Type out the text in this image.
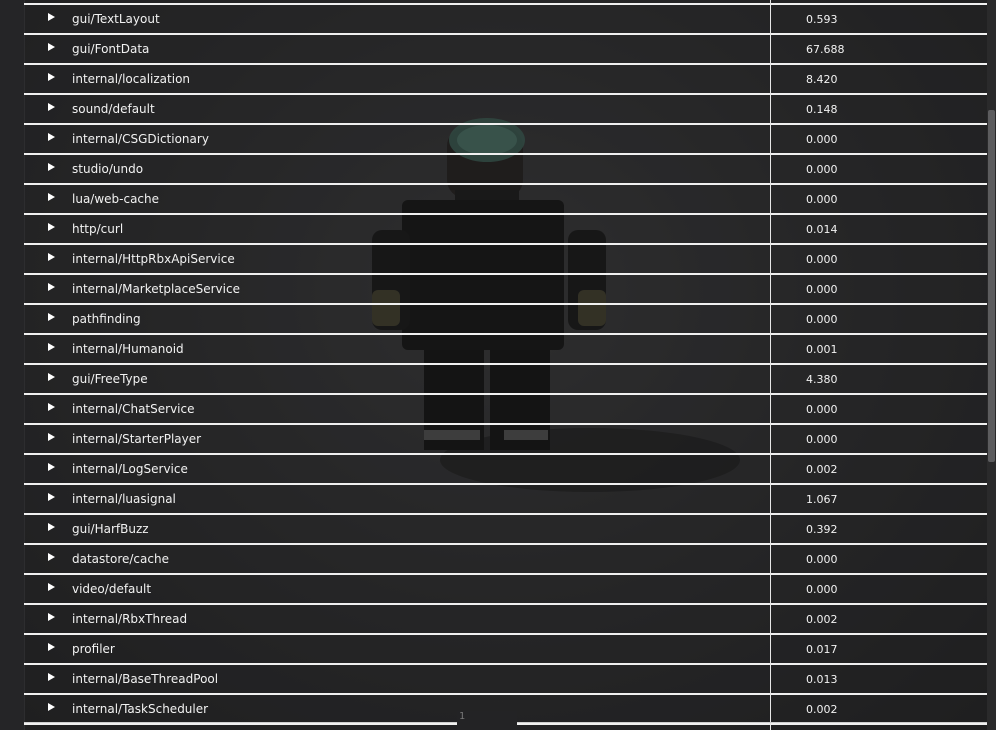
gui/TextLayout	0.593
gui/FontData	67.688
internal/localization	8.420
sound/default	0.148
internal/CSGDictionary	0.000
studio/undo	0.000
lua/web-cache	0.000
http/curl	0.014
internal/HttpRbxApiService	0.000
internal/MarketplaceService	0.000
pathfinding	0.000
internal/Humanoid	0.001
gui/FreeType	4.380
internal/ChatService	0.000
internal/StarterPlayer	0.000
internal/LogService	0.002
internal/luasignal	1.067
gui/HarfBuzz	0.392
datastore/cache	0.000
video/default	0.000
internal/RbxThread	0.002
profiler	0.017
internal/BaseThreadPool	0.013
internal/TaskScheduler	0.002
1
